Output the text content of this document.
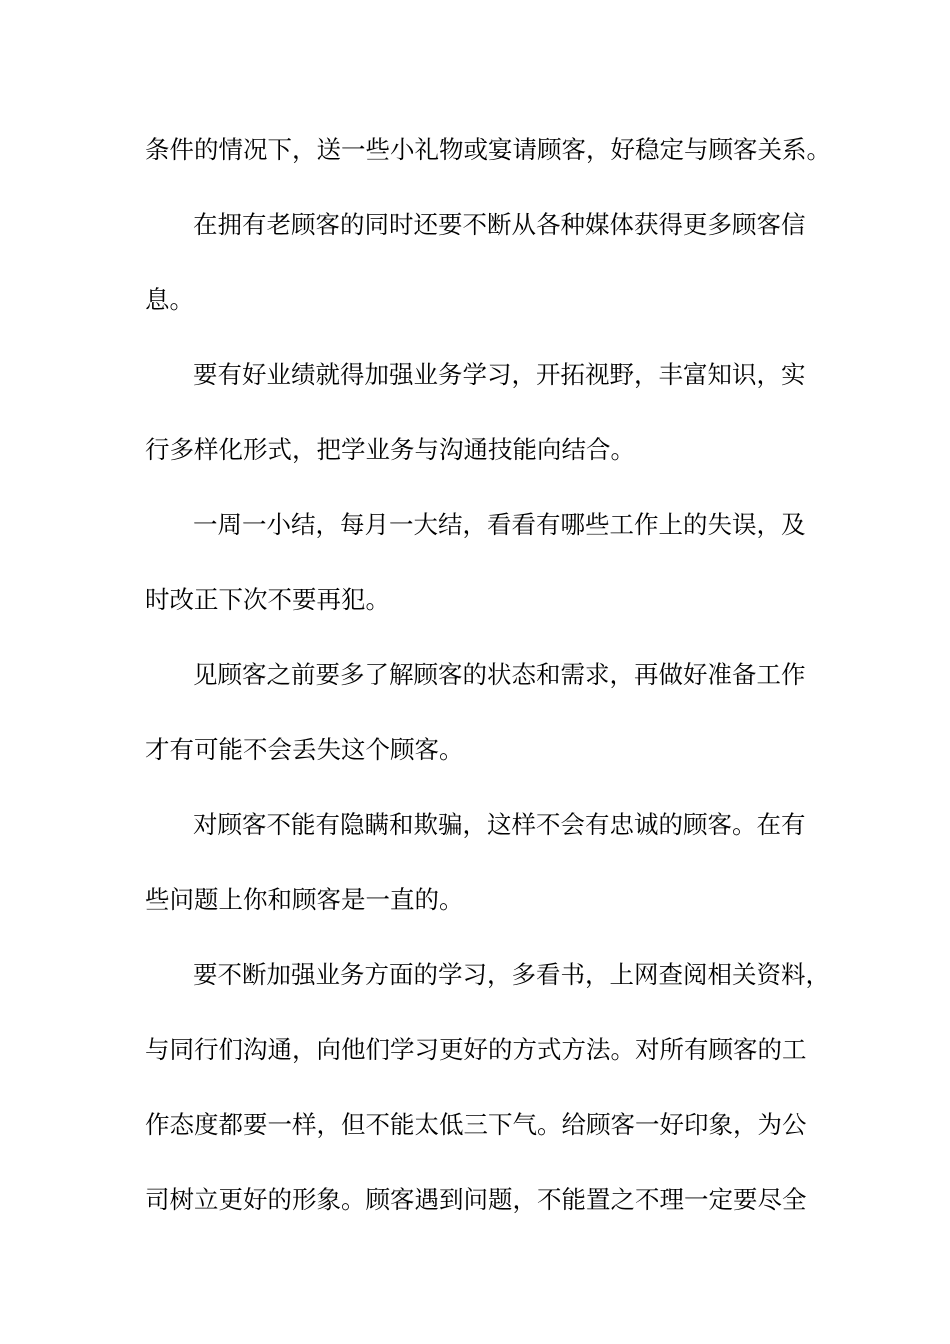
条件的情况下，送一些小礼物或宴请顾客，好稳定与顾客关系。
在拥有老顾客的同时还要不断从各种媒体获得更多顾客信
息。
要有好业绩就得加强业务学习，开拓视野，丰富知识，实
行多样化形式，把学业务与沟通技能向结合。
一周一小结，每月一大结，看看有哪些工作上的失误，及
时改正下次不要再犯。
见顾客之前要多了解顾客的状态和需求，再做好准备工作
才有可能不会丢失这个顾客。
对顾客不能有隐瞒和欺骗，这样不会有忠诚的顾客。在有
些问题上你和顾客是一直的。
要不断加强业务方面的学习，多看书，上网查阅相关资料，
与同行们沟通，向他们学习更好的方式方法。对所有顾客的工
作态度都要一样，但不能太低三下气。给顾客一好印象，为公
司树立更好的形象。顾客遇到问题，不能置之不理一定要尽全
